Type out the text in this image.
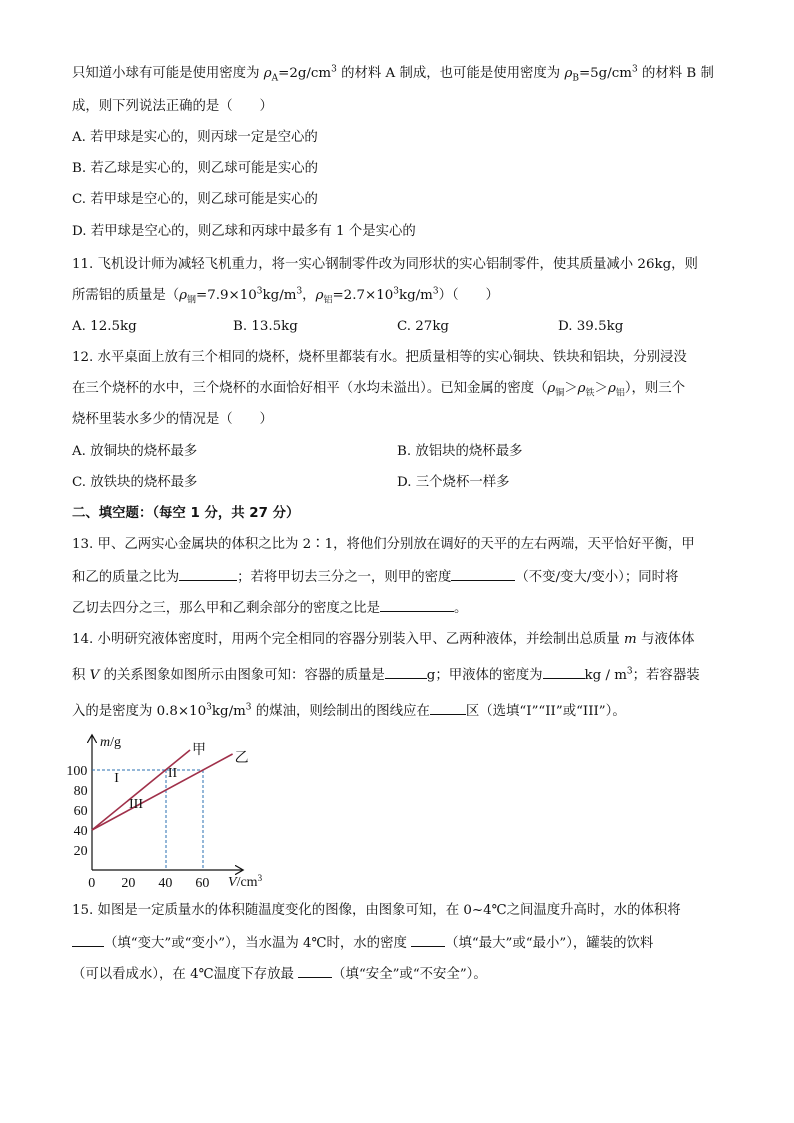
只知道小球有可能是使用密度为 $\rho_A=2g/cm^3$ 的材料 A 制成，也可能是使用密度为 $\rho_B=5g/cm^3$ 的材料 B 制
成，则下列说法正确的是（　　）
A. 若甲球是实心的，则丙球一定是空心的
B. 若乙球是实心的，则乙球可能是实心的
C. 若甲球是空心的，则乙球可能是实心的
D. 若甲球是空心的，则乙球和丙球中最多有 1 个是实心的
11. 飞机设计师为减轻飞机重力，将一实心钢制零件改为同形状的实心铝制零件，使其质量减小 26kg，则
所需铝的质量是（$\rho_钢=7.9\times 10^3kg/m^3$，$\rho_铝=2.7\times 10^3kg/m^3$）（　　）
A. 12.5kg	B. 13.5kg	C. 27kg	D. 39.5kg
12. 水平桌面上放有三个相同的烧杯，烧杯里都装有水。把质量相等的实心铜块、铁块和铝块，分别浸没
在三个烧杯的水中，三个烧杯的水面恰好相平（水均未溢出）。已知金属的密度$(\rho_铜>\rho_铁>\rho_铝)$，则三个
烧杯里装水多少的情况是（　　）
A. 放铜块的烧杯最多	B. 放铝块的烧杯最多
C. 放铁块的烧杯最多	D. 三个烧杯一样多
二、填空题：（每空 1 分，共 27 分）
13. 甲、乙两实心金属块的体积之比为 2∶1，将他们分别放在调好的天平的左右两端，天平恰好平衡，甲
和乙的质量之比为	；若将甲切去三分之一，则甲的密度	（不变/变大/变小）；同时将
乙切去四分之三，那么甲和乙剩余部分的密度之比是	。
14. 小明研究液体密度时，用两个完全相同的容器分别装入甲、乙两种液体，并绘制出总质量 m 与液体体
积 V 的关系图象如图所示由图象可知：容器的质量是	g；甲液体的密度为	kg / $m^3$；若容器装
入的是密度为 $0.8\times 10^3kg/m^3$ 的煤油，则绘制出的图线应在	区（选填“I”“II”或“III”）。
m/g
$V/cm^3$
0 20 40 60
20
40
60
80
100
甲
乙
I	II
III
15. 如图是一定质量水的体积随温度变化的图像，由图象可知，在 0~4℃之间温度升高时，水的体积将
（填“变大”或“变小”），当水温为 4℃时，水的密度	（填“最大”或“最小”），罐装的饮料
（可以看成水），在 4℃温度下存放最	（填“安全”或“不安全”）。
